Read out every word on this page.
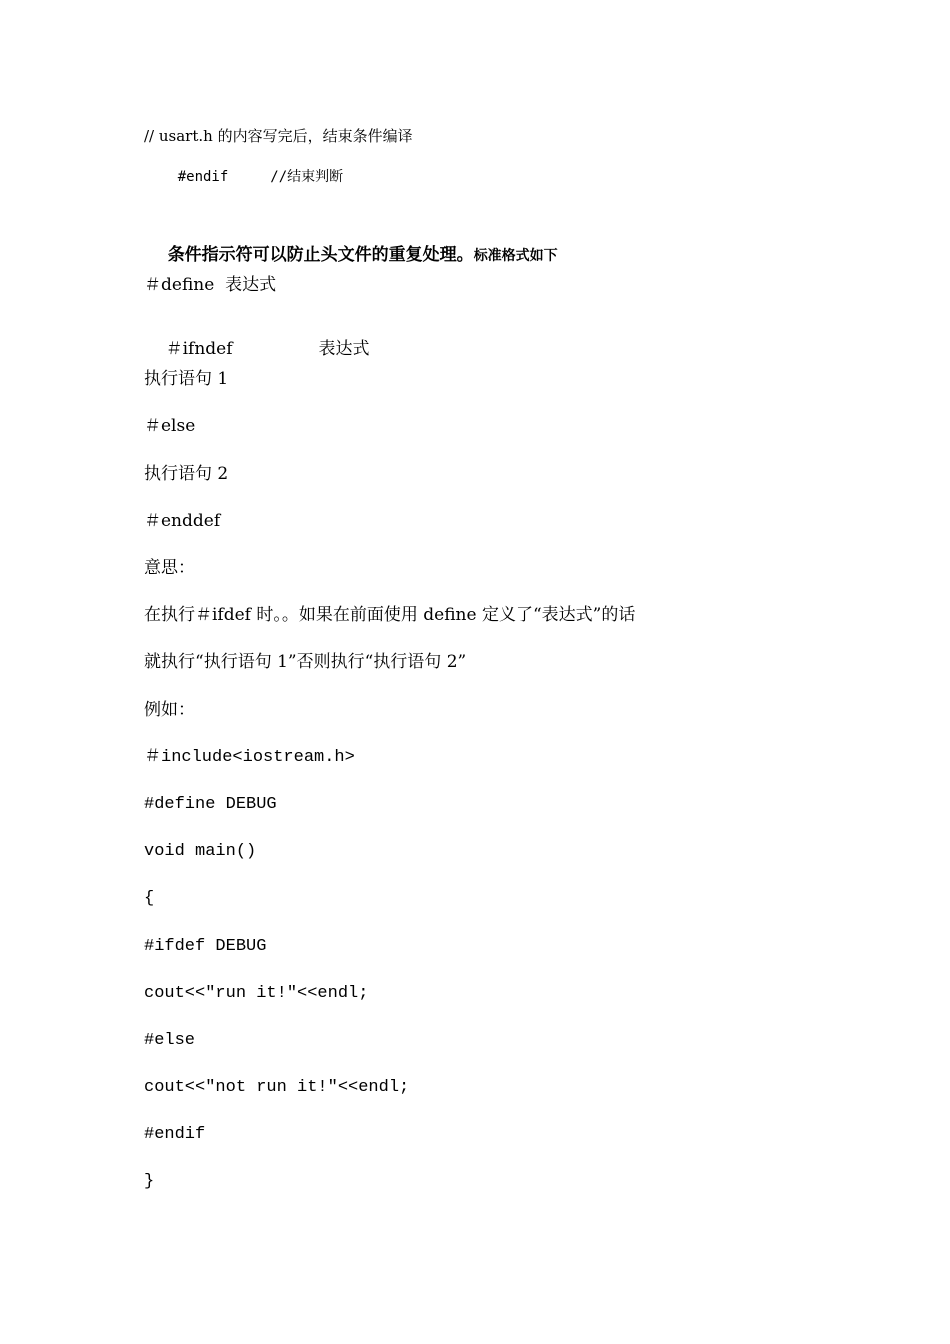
// usart.h 的内容写完后，结束条件编译

#endif	//结束判断

条件指示符可以防止头文件的重复处理。标准格式如下

＃define  表达式

＃ifndef	表达式

执行语句 1
＃else
执行语句 2
＃enddef
意思：
在执行＃ifdef 时。。如果在前面使用 define 定义了“表达式”的话
就执行“执行语句 1”否则执行“执行语句 2”
例如：
＃include<iostream.h>
#define DEBUG
void main()
{
#ifdef DEBUG
cout<<"run it!"<<endl;
#else
cout<<"not run it!"<<endl;
#endif
}
